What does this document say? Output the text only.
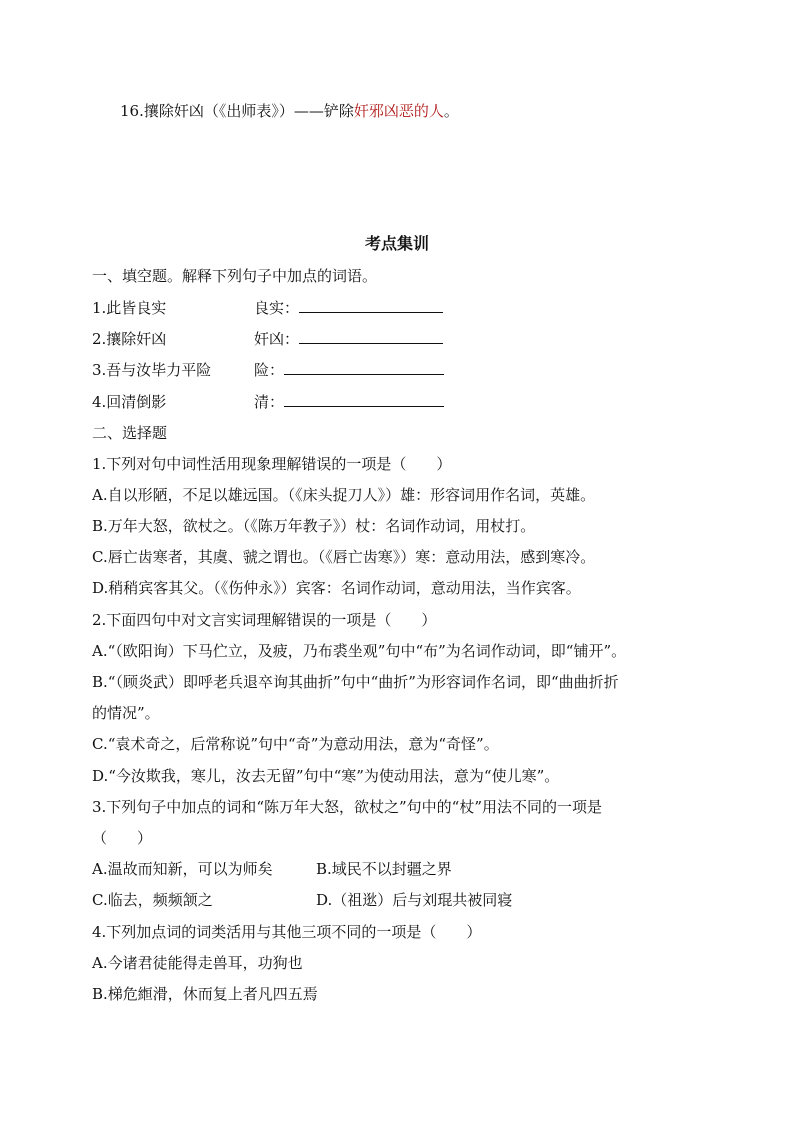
16.攘除奸凶（《出师表》）——铲除奸邪凶恶的人。
考点集训
一、填空题。解释下列句子中加点的词语。
1.此皆良实	良实：
2.攘除奸凶	奸凶：
3.吾与汝毕力平险	险：
4.回清倒影	清：
二、选择题
1.下列对句中词性活用现象理解错误的一项是（　　）
A.自以形陋，不足以雄远国。（《床头捉刀人》）雄：形容词用作名词，英雄。
B.万年大怒，欲杖之。（《陈万年教子》）杖：名词作动词，用杖打。
C.唇亡齿寒者，其虞、虢之谓也。（《唇亡齿寒》）寒：意动用法，感到寒冷。
D.稍稍宾客其父。（《伤仲永》）宾客：名词作动词，意动用法，当作宾客。
2.下面四句中对文言实词理解错误的一项是（　　）
A.“（欧阳询）下马伫立，及疲，乃布裘坐观”句中“布”为名词作动词，即“铺开”。
B.“（顾炎武）即呼老兵退卒询其曲折”句中“曲折”为形容词作名词，即“曲曲折折
的情况”。
C.“袁术奇之，后常称说”句中“奇”为意动用法，意为“奇怪”。
D.“今汝欺我，寒儿，汝去无留”句中“寒”为使动用法，意为“使儿寒”。
3.下列句子中加点的词和“陈万年大怒，欲杖之”句中的“杖”用法不同的一项是
（　　）
A.温故而知新，可以为师矣	B.域民不以封疆之界
C.临去，频频颔之	D.（祖逖）后与刘琨共被同寝
4.下列加点词的词类活用与其他三项不同的一项是（　　）
A.今诸君徒能得走兽耳，功狗也
B.梯危縆滑，休而复上者凡四五焉
